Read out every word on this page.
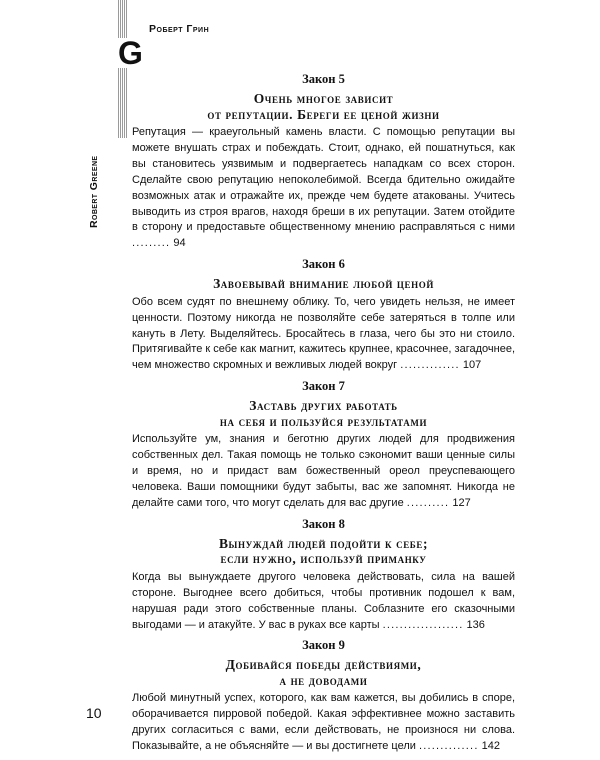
G

Роберт Грин

Robert Greene

Закон 5

Очень многое зависит
от репутации. Береги ее ценой жизни

Репутация — краеугольный камень власти. С помощью репутации вы можете внушать страх и побеждать. Стоит, однако, ей пошатнуться, как вы становитесь уязвимым и подвергаетесь нападкам со всех сторон. Сделайте свою репутацию непоколебимой. Всегда бдительно ожидайте возможных атак и отражайте их, прежде чем будете атакованы. Учитесь выводить из строя врагов, находя бреши в их репутации. Затем отойдите в сторону и предоставьте общественному мнению расправляться с ними ......... 94

Закон 6

Завоевывай внимание любой ценой

Обо всем судят по внешнему облику. То, чего увидеть нельзя, не имеет ценности. Поэтому никогда не позволяйте себе затеряться в толпе или кануть в Лету. Выделяйтесь. Бросайтесь в глаза, чего бы это ни стоило. Притягивайте к себе как магнит, кажитесь крупнее, красочнее, загадочнее, чем множество скромных и вежливых людей вокруг .............. 107

Закон 7

Заставь других работать
на себя и пользуйся результатами

Используйте ум, знания и беготню других людей для продвижения собственных дел. Такая помощь не только сэкономит ваши ценные силы и время, но и придаст вам божественный ореол преуспевающего человека. Ваши помощники будут забыты, вас же запомнят. Никогда не делайте сами того, что могут сделать для вас другие .......... 127

Закон 8

Вынуждай людей подойти к себе;
если нужно, используй приманку

Когда вы вынуждаете другого человека действовать, сила на вашей стороне. Выгоднее всего добиться, чтобы противник подошел к вам, нарушая ради этого собственные планы. Соблазните его сказочными выгодами — и атакуйте. У вас в руках все карты ................... 136

Закон 9

Добивайся победы действиями,
а не доводами

Любой минутный успех, которого, как вам кажется, вы добились в споре, оборачивается пирровой победой. Какая эффективнее можно заставить других согласиться с вами, если действовать, не произнося ни слова. Показывайте, а не объясняйте — и вы достигнете цели .............. 142

10
